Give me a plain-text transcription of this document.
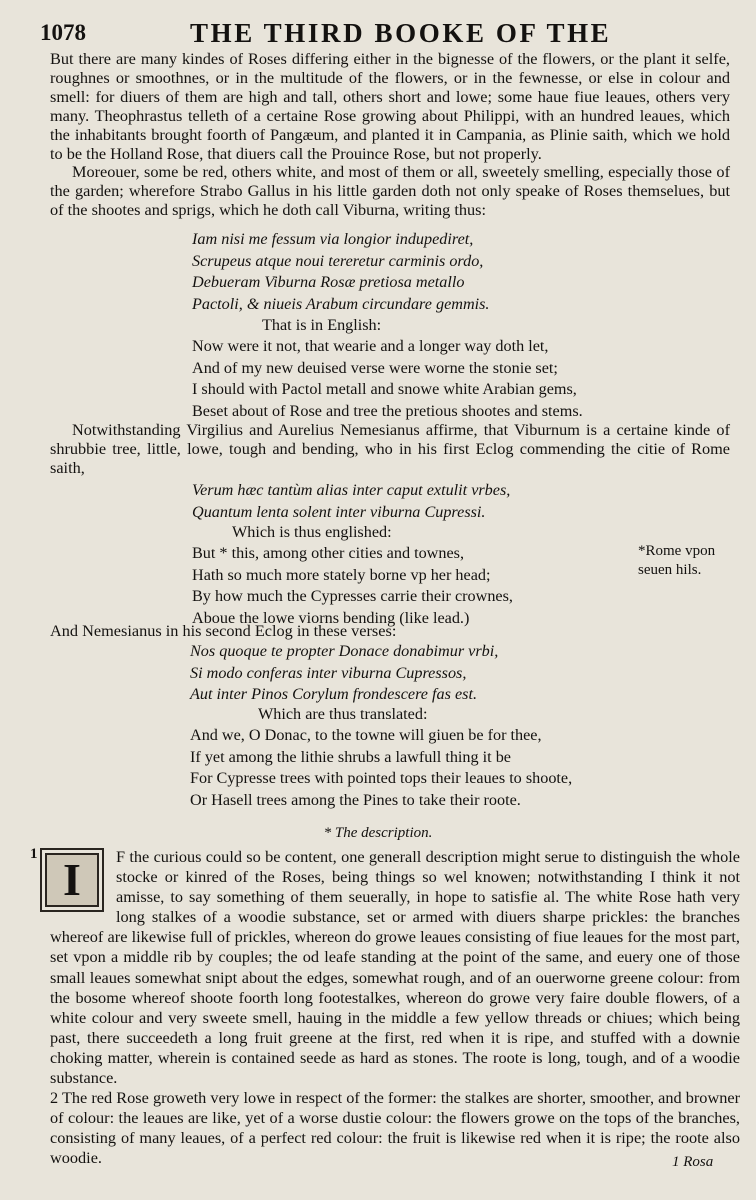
1078	THE THIRD BOOKE OF THE

But there are many kindes of Roses differing either in the bignesse of the flowers, or the plant it selfe, roughnes or smoothnes, or in the multitude of the flowers, or in the fewnesse, or else in colour and smell: for diuers of them are high and tall, others short and lowe; some haue fiue leaues, others very many. Theophrastus telleth of a certaine Rose growing about Philippi, with an hundred leaues, which the inhabitants brought foorth of Pangæum, and planted it in Campania, as Plinie saith, which we hold to be the Holland Rose, that diuers call the Prouince Rose, but not properly.

Moreouer, some be red, others white, and most of them or all, sweetely smelling, especially those of the garden; wherefore Strabo Gallus in his little garden doth not only speake of Roses themselues, but of the shootes and sprigs, which he doth call Viburna, writing thus:

Iam nisi me fessum via longior indupediret,
Scrupeus atque noui tereretur carminis ordo,
Debueram Viburna Rosæ pretiosa metallo
Pactoli, & niueis Arabum circundare gemmis.
That is in English:
Now were it not, that wearie and a longer way doth let,
And of my new deuised verse were worne the stonie set;
I should with Pactol metall and snowe white Arabian gems,
Beset about of Rose and tree the pretious shootes and stems.

Notwithstanding Virgilius and Aurelius Nemesianus affirme, that Viburnum is a certaine kinde of shrubbie tree, little, lowe, tough and bending, who in his first Eclog commending the citie of Rome saith,

Verum hæc tantùm alias inter caput extulit vrbes,
Quantum lenta solent inter viburna Cupressi.
Which is thus englished:
But * this, among other cities and townes,
Hath so much more stately borne vp her head;
By how much the Cypresses carrie their crownes,
Aboue the lowe viorns bending (like lead.)
*Rome vpon
seuen hils.

And Nemesianus in his second Eclog in these verses:

Nos quoque te propter Donace donabimur vrbi,
Si modo conferas inter viburna Cupressos,
Aut inter Pinos Corylum frondescere fas est.
Which are thus translated:
And we, O Donac, to the towne will giuen be for thee,
If yet among the lithie shrubs a lawfull thing it be
For Cypresse trees with pointed tops their leaues to shoote,
Or Hasell trees among the Pines to take their roote.
* The description.
1 I	F the curious could so be content, one generall description might serue to distinguish the whole stocke or kinred of the Roses, being things so wel knowen; notwithstanding I think it not amisse, to say something of them seuerally, in hope to satisfie al. The white Rose hath very long stalkes of a woodie substance, set or armed with diuers sharpe prickles: the branches whereof are likewise full of prickles, whereon do growe leaues consisting of fiue leaues for the most part, set vpon a middle rib by couples; the od leafe standing at the point of the same, and euery one of those small leaues somewhat snipt about the edges, somewhat rough, and of an ouerworne greene colour: from the bosome whereof shoote foorth long footestalkes, whereon do growe very faire double flowers, of a white colour and very sweete smell, hauing in the middle a few yellow threads or chiues; which being past, there succeedeth a long fruit greene at the first, red when it is ripe, and stuffed with a downie choking matter, wherein is contained seede as hard as stones. The roote is long, tough, and of a woodie substance.

2 The red Rose groweth very lowe in respect of the former: the stalkes are shorter, smoother, and browner of colour: the leaues are like, yet of a worse dustie colour: the flowers growe on the tops of the branches, consisting of many leaues, of a perfect red colour: the fruit is likewise red when it is ripe; the roote also woodie.	1 Rosa
